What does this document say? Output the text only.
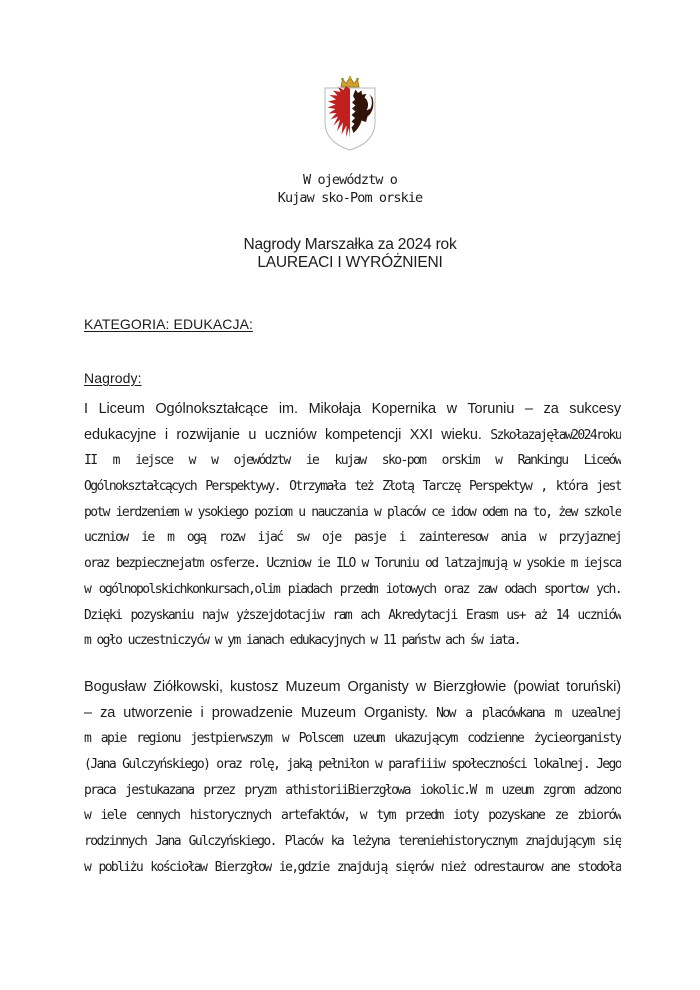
W ojewództw o
Kujaw sko-Pom orskie
Nagrody Marszałka za 2024 rok
LAUREACI I WYRÓŻNIENI
KATEGORIA: EDUKACJA:
Nagrody:
I Liceum Ogólnokształcące im. Mikołaja Kopernika w Toruniu – za sukcesy
edukacyjne i rozwijanie u uczniów kompetencji XXI wieku. Szkołazajęław2024roku
II m iejsce w w ojewództw ie kujaw sko-pom orskim w Rankingu Liceów
Ogólnokształcących Perspektywy. Otrzymała też Złotą Tarczę Perspektyw , która jest
potw ierdzeniem w ysokiego poziom u nauczania w placów ce idow odem na to, żew szkole
uczniow ie m ogą rozw ijać sw oje pasje i zainteresow ania w przyjaznej
oraz bezpiecznejatm osferze. Uczniow ie ILO w Toruniu od latzajmują w ysokie m iejsca
w ogólnopolskichkonkursach,olim piadach przedm iotowych oraz zaw odach sportow ych.
Dzięki pozyskaniu najw yższejdotacjiw ram ach Akredytacji Erasm us+ aż 14 uczniów
m ogło uczestniczyćw w ym ianach edukacyjnych w 11 państw ach św iata.
Bogusław Ziółkowski, kustosz Muzeum Organisty w Bierzgłowie (powiat toruński)
– za utworzenie i prowadzenie Muzeum Organisty. Now a placówkana m uzealnej
m apie regionu jestpierwszym w Polscem uzeum ukazującym codzienne życieorganisty
(Jana Gulczyńskiego) oraz rolę, jaką pełniłon w parafiiiw społeczności lokalnej. Jego
praca jestukazana przez pryzm athistoriiBierzgłowa iokolic.W m uzeum zgrom adzono
w iele cennych historycznych artefaktów, w tym przedm ioty pozyskane ze zbiorów
rodzinnych Jana Gulczyńskiego. Placów ka leżyna tereniehistorycznym znajdującym się
w pobliżu kościoław Bierzgłow ie,gdzie znajdują sięrów nież odrestaurow ane stodoła
